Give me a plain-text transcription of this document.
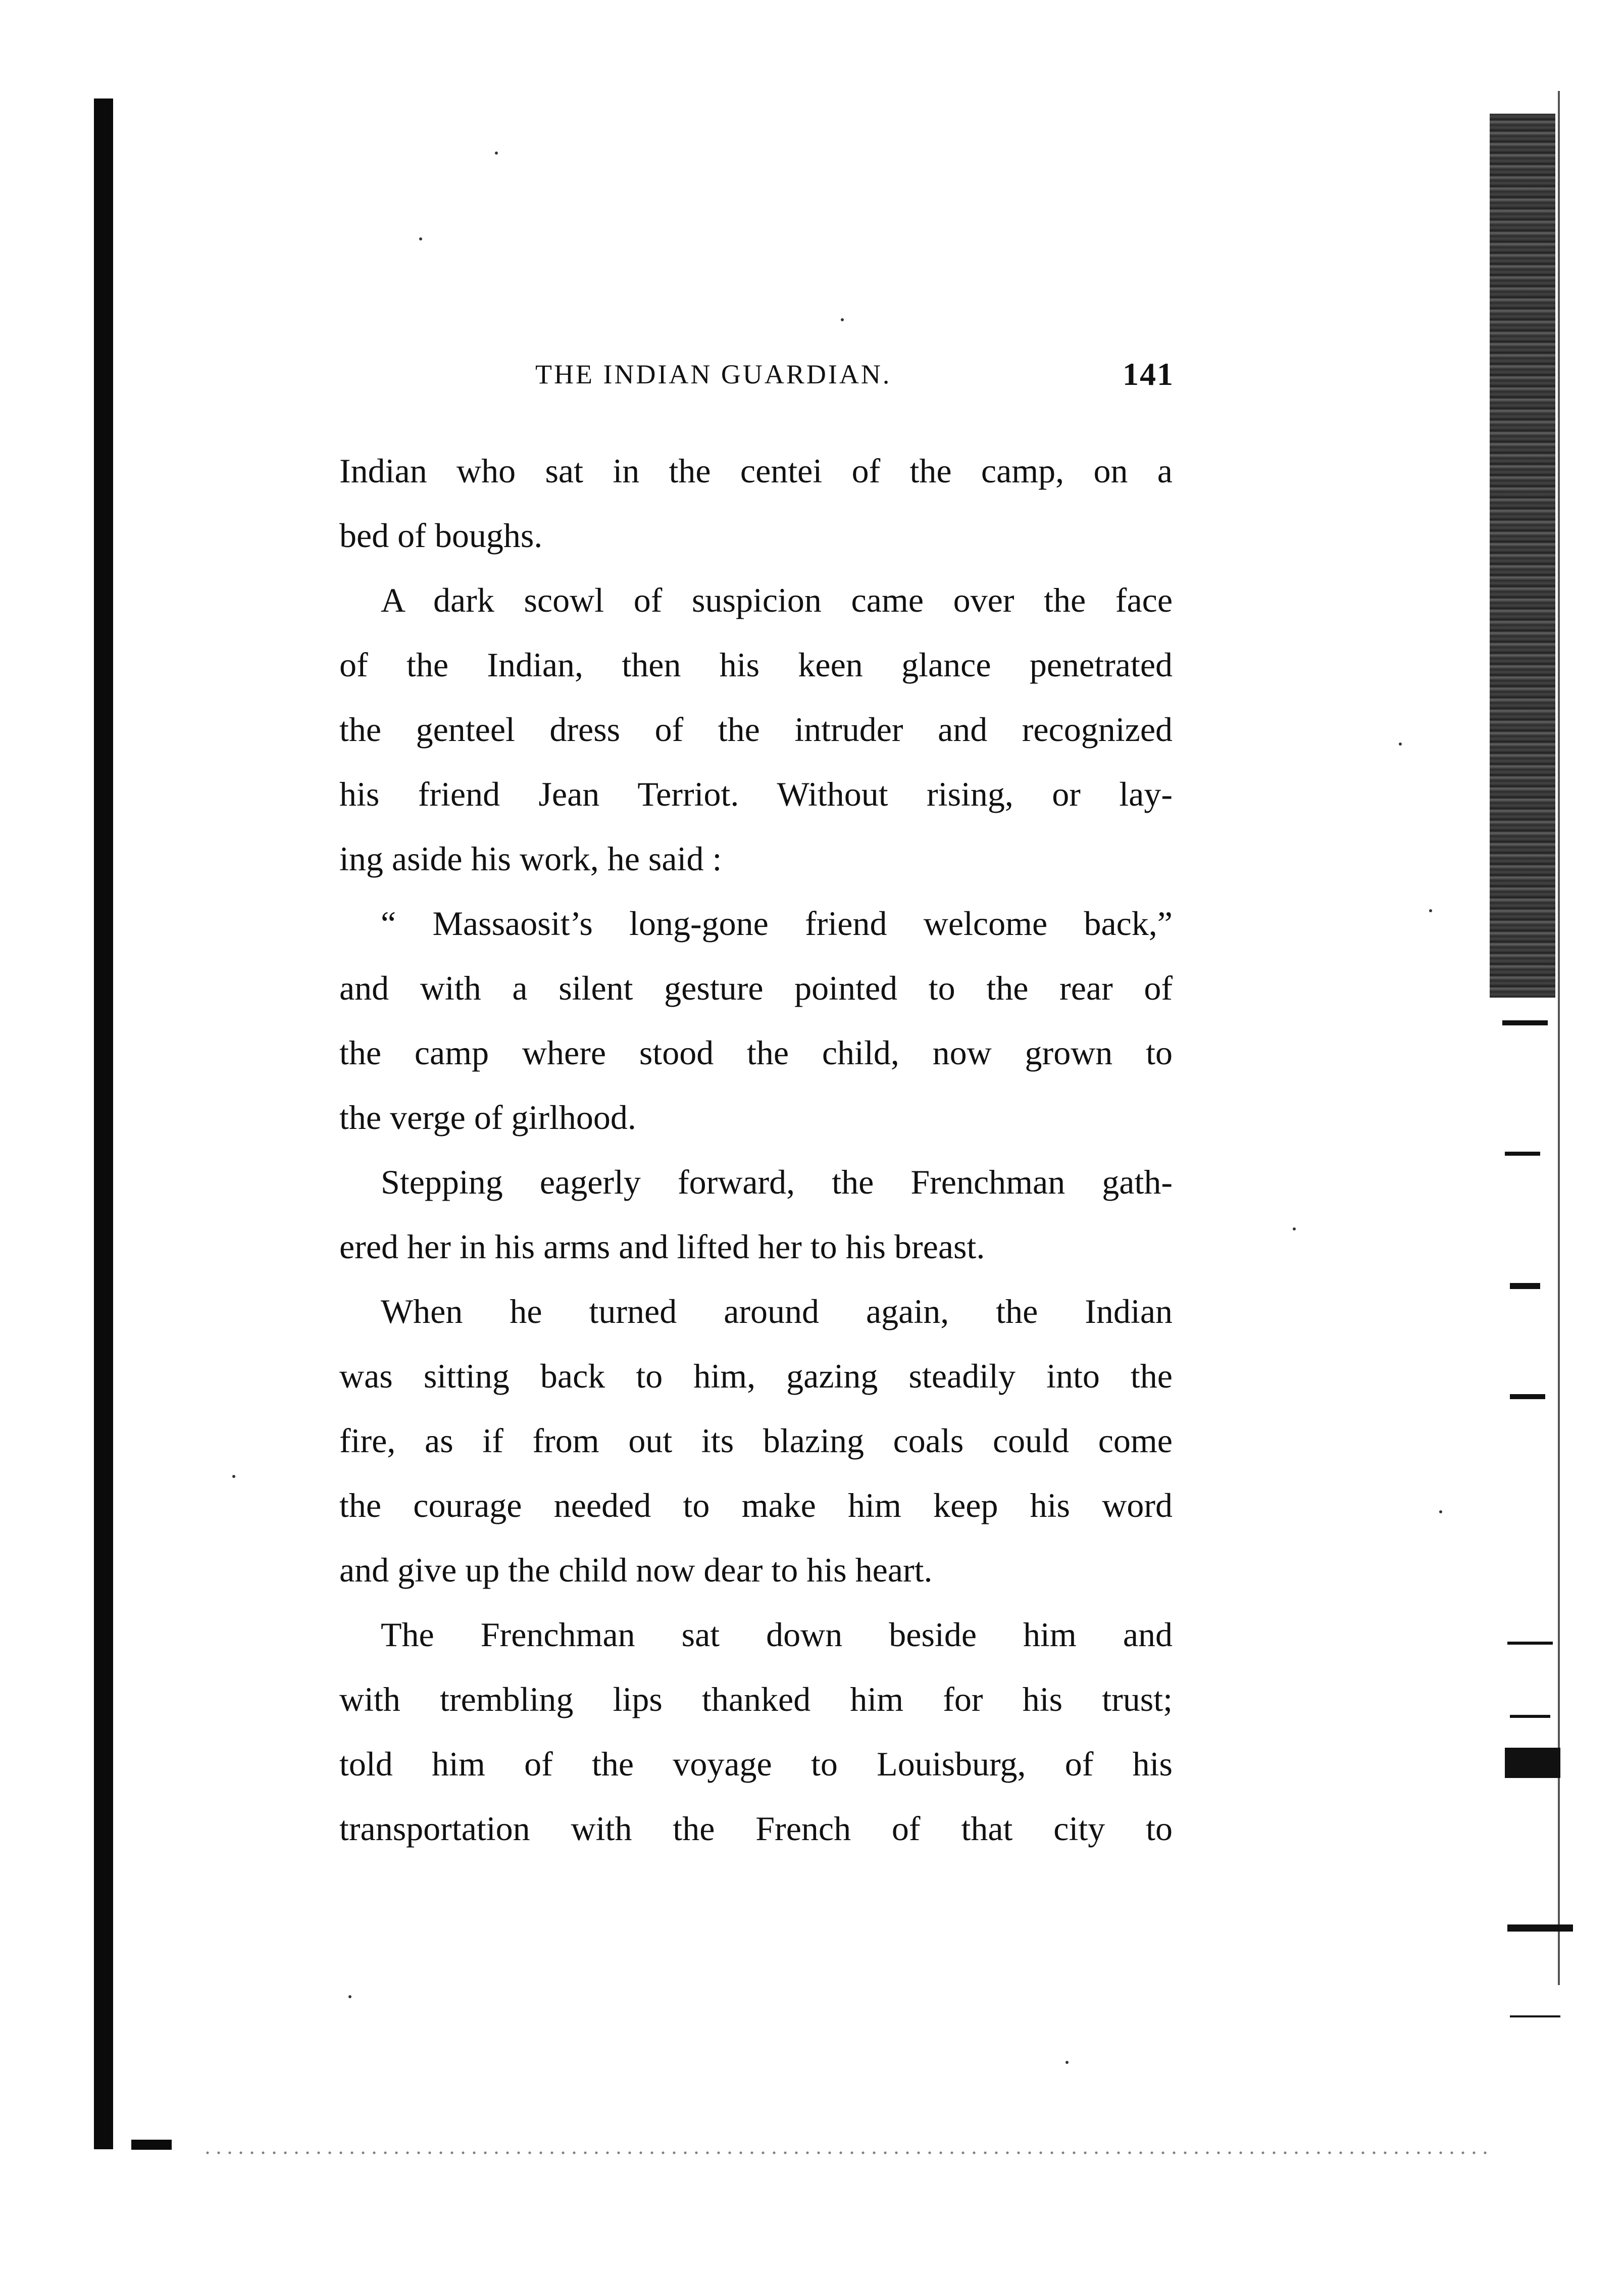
THE INDIAN GUARDIAN.	141
Indian who sat in the centei of the camp, on a
bed of boughs.
A dark scowl of suspicion came over the face
of the Indian, then his keen glance penetrated
the genteel dress of the intruder and recognized
his friend Jean Terriot. Without rising, or lay-
ing aside his work, he said :
“ Massaosit’s long-gone friend welcome back,”
and with a silent gesture pointed to the rear of
the camp where stood the child, now grown to
the verge of girlhood.
Stepping eagerly forward, the Frenchman gath-
ered her in his arms and lifted her to his breast.
When he turned around again, the Indian
was sitting back to him, gazing steadily into the
fire, as if from out its blazing coals could come
the courage needed to make him keep his word
and give up the child now dear to his heart.
The Frenchman sat down beside him and
with trembling lips thanked him for his trust;
told him of the voyage to Louisburg, of his
transportation with the French of that city to
